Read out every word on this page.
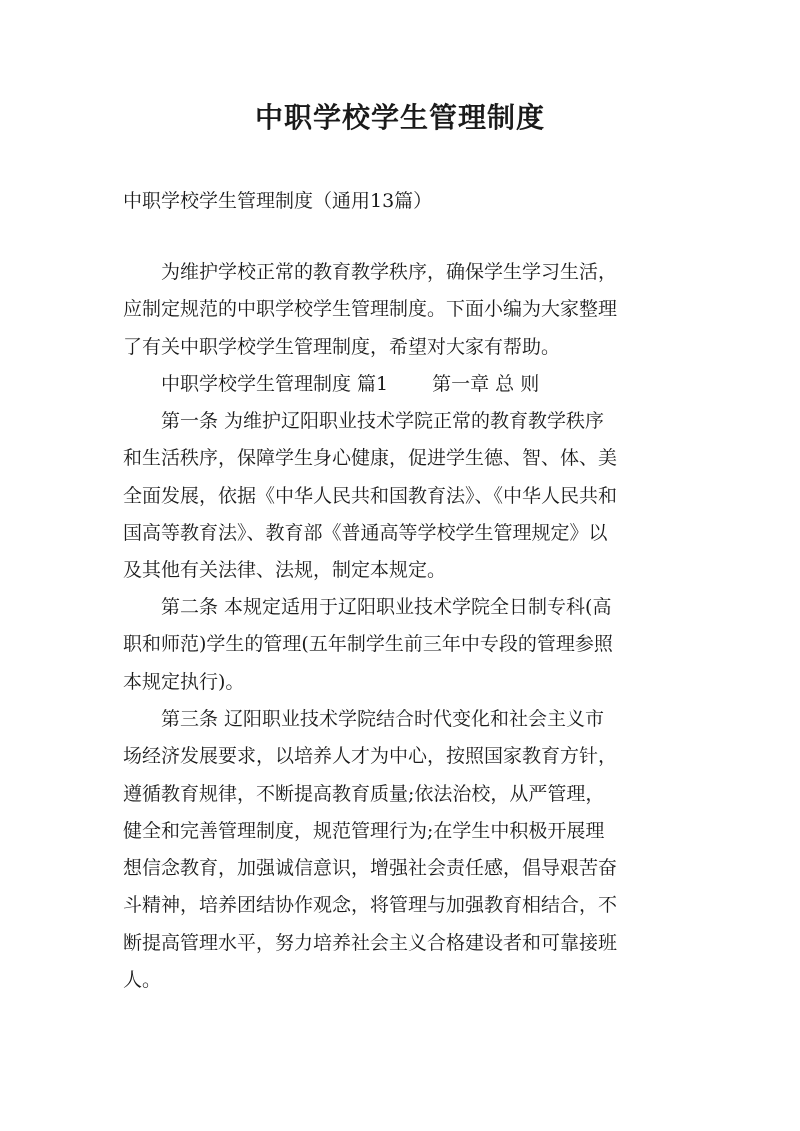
中职学校学生管理制度
中职学校学生管理制度（通用13篇）
　　为维护学校正常的教育教学秩序，确保学生学习生活，
应制定规范的中职学校学生管理制度。下面小编为大家整理
了有关中职学校学生管理制度，希望对大家有帮助。
　　中职学校学生管理制度 篇1 第一章 总 则
　　第一条 为维护辽阳职业技术学院正常的教育教学秩序
和生活秩序，保障学生身心健康，促进学生德、智、体、美
全面发展，依据《中华人民共和国教育法》、《中华人民共和
国高等教育法》、教育部《普通高等学校学生管理规定》以
及其他有关法律、法规，制定本规定。
　　第二条 本规定适用于辽阳职业技术学院全日制专科(高
职和师范)学生的管理(五年制学生前三年中专段的管理参照
本规定执行)。
　　第三条 辽阳职业技术学院结合时代变化和社会主义市
场经济发展要求，以培养人才为中心，按照国家教育方针，
遵循教育规律，不断提高教育质量;依法治校，从严管理，
健全和完善管理制度，规范管理行为;在学生中积极开展理
想信念教育，加强诚信意识，增强社会责任感，倡导艰苦奋
斗精神，培养团结协作观念，将管理与加强教育相结合，不
断提高管理水平，努力培养社会主义合格建设者和可靠接班
人。
